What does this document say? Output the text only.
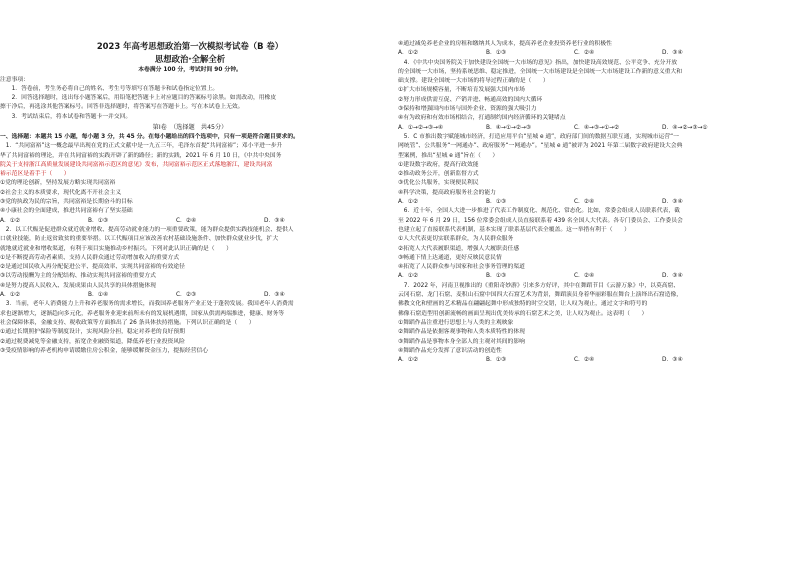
2023 年高考思想政治第一次模拟考试卷（B 卷）
思想政治·全解全析
本卷满分 100 分，考试时间 90 分钟。
注意事项：
　　1．答卷前，考生务必将自己的姓名、考生号等填写在答题卡和试卷指定位置上。
　　2．回答选择题时，选出每小题答案后，用铅笔把答题卡上对应题目的答案标号涂黑。如需改动，用橡皮
擦干净后，再选涂其他答案标号。回答非选择题时，将答案写在答题卡上。写在本试卷上无效。
　　3．考试结束后，将本试卷和答题卡一并交回。
第Ⅰ卷　（选择题　共45分）
一、选择题：本题共 15 小题，每小题 3 分，共 45 分。在每小题给出的四个选项中，只有一项是符合题目要求的。
　1．“共同富裕”这一概念最早出现在党的正式文献中是一九五三年，毛泽东首提“共同富裕”；邓小平进一步升
华了共同富裕的理论，并在共同富裕的实践开辟了新的路径；新的实践，2021 年 6 月 10 日，《中共中央国务
院关于支持浙江高质量发展建设共同富裕示范区的意见》发布，共同富裕示范区正式落地浙江，建设共同富
裕示范区是着手于（　　）
①党的理论创新，坚持发展方略实现共同富裕
②社会主义的本质要求，现代化离不开社会主义
③党的执政为民的宗旨，共同富裕是长期奋斗的目标
④小康社会的全面建成，推进共同富裕有了坚实基础
A．①②	B．①③	C．②④	D．③④
　2．以工代赈是促进群众就近就业增收、提高劳动就业能力的一项重要政策，能为群众提供实践技能机会、提供人
口就业技能，防止返贫致贫的重要举措。以工代赈项目应该改善农村基础设施条件、加快群众就业步伐，扩大
就地就近就业和增收渠道，有利于项目实施推动乡村振兴。下列对此认识正确的是（　　）
①是不断提高劳动者素质、支持人民群众通过劳动增加收入的重要方式
②是通过国民收入再分配促进公平、提高效率、实现共同富裕的有效途径
③以劳动报酬为主的分配结构、推动实现共同富裕的重要方式
④是努力提高人民收入、发展成果由人民共享的具体措施体现
A．①②	B．①④	C．②③	D．③④
　3．当前，老年人消费能力上升和养老服务的需求增长，而我国养老服务产业正处于蓬勃发展。我国老年人消费需
求也逐渐增大，逐渐趋向多元化，养老服务业迎来前所未有的发展机遇期，国家从供需两端推进，健康、财务等
社会保障体系，金融支持、税收政策等方面推出了 26 条具体扶持措施。下列认识正确的是（　　）
①通过长期照护保险等制度设计，实现风险分担，稳定对养老的良好预期
②通过税费减免等金融支持，拓宽企业融资渠道，降低养老行业投资风险
③受疫情影响的养老机构申请缓缴住房公积金，能够缓解资金压力，提振经营信心
④通过减免养老企业的房租和缴纳其人为成本，提高养老企业投资养老行业的积极性
A．①②	B．①③	C．②④	D．③④
　4．《中共中央国务院关于加快建设全国统一大市场的意见》指出，加快建设高效规范、公平竞争、充分开放
的全国统一大市场，坚持系统思维、稳定推进，全国统一大市场建设是全国统一大市场建设工作新的意义重大和
础支撑。建设全国统一大市场的将导过程正确的是（　　）
①扩大市场规模容量，不断培育发展强大国内市场
②努力形成供需互促、产销并进、畅通高效的国内大循环
③保持和增强国内市场与国外企业、资源的强大吸引力
④有为政府和有效市场相结合，打通制约国内经济循环的关键堵点
A．①→②→③→④	B．④→①→②→③	C．④→③→①→②	D．④→②→③→①
　5．C 市推出数字赋能城市经济，打造应用平台“星城 e 通”，政府部门间的数据互联互通，实现城市运营“一
网统管”、公共服务“一网通办”、政府服务“一网通办”。“星城 e 通”被评为 2021 年第二届数字政府建设大会典
型案例，推出“星城 e 通”旨在（　　）
①建设数字政府，提高行政效能
②推动政务公开，创新监督方式
③优化公共服务，实现便民利民
④科学决策，提高政府服务社会的能力
A．①②	B．①③	C．②④	D．③④
　6．近十年，全国人大进一步推进了代表工作制度化、规范化、常态化。比如，常委会组成人员联系代表，截
至 2022 年 6 月 29 日，156 位常委会组成人员直接联系着 439 名全国人大代表。各专门委员会、工作委员会
也建立起了直接联系代表机制，基本实现了联系基层代表全覆盖。这一举措有利于（　　）
①人大代表更切实联系群众，为人民群众服务
②拓宽人大代表履职渠道，增强人大履职责任感
③畅通下情上达通道，更好反映民意民情
④拓宽了人民群众参与国家和社会事务管理的渠道
A．①②	B．①③	C．②④	D．③④
　7．2022 年，河南卫视推出的《重阳奇妙游》引来多方好评，其中在舞蹈节目《云游万象》中，以莫高窟、
云冈石窟、龙门石窟、麦积山石窟中国四大石窟艺术为背景，舞蹈演员身着华丽彩服在舞台上演绎出石窟造像，
佛教文化和壁画的艺术精品在翩翩起舞中形成独特的时空交错，让人叹为观止，通过文字和符号的
佛像石窟造型用创新流畅的画面呈现出优美传承的石窟艺术之美，让人叹为观止。这表明（　　）
①舞蹈作品注重进行思想上与人类的主观映象
②舞蹈作品是依据客观事物和人类本质特性的体现
③舞蹈作品是事物本身全部人的主观对其间的影响
④舞蹈作品充分发挥了意识活动的创造性
A．①②	B．①③	C．②④	D．③④
